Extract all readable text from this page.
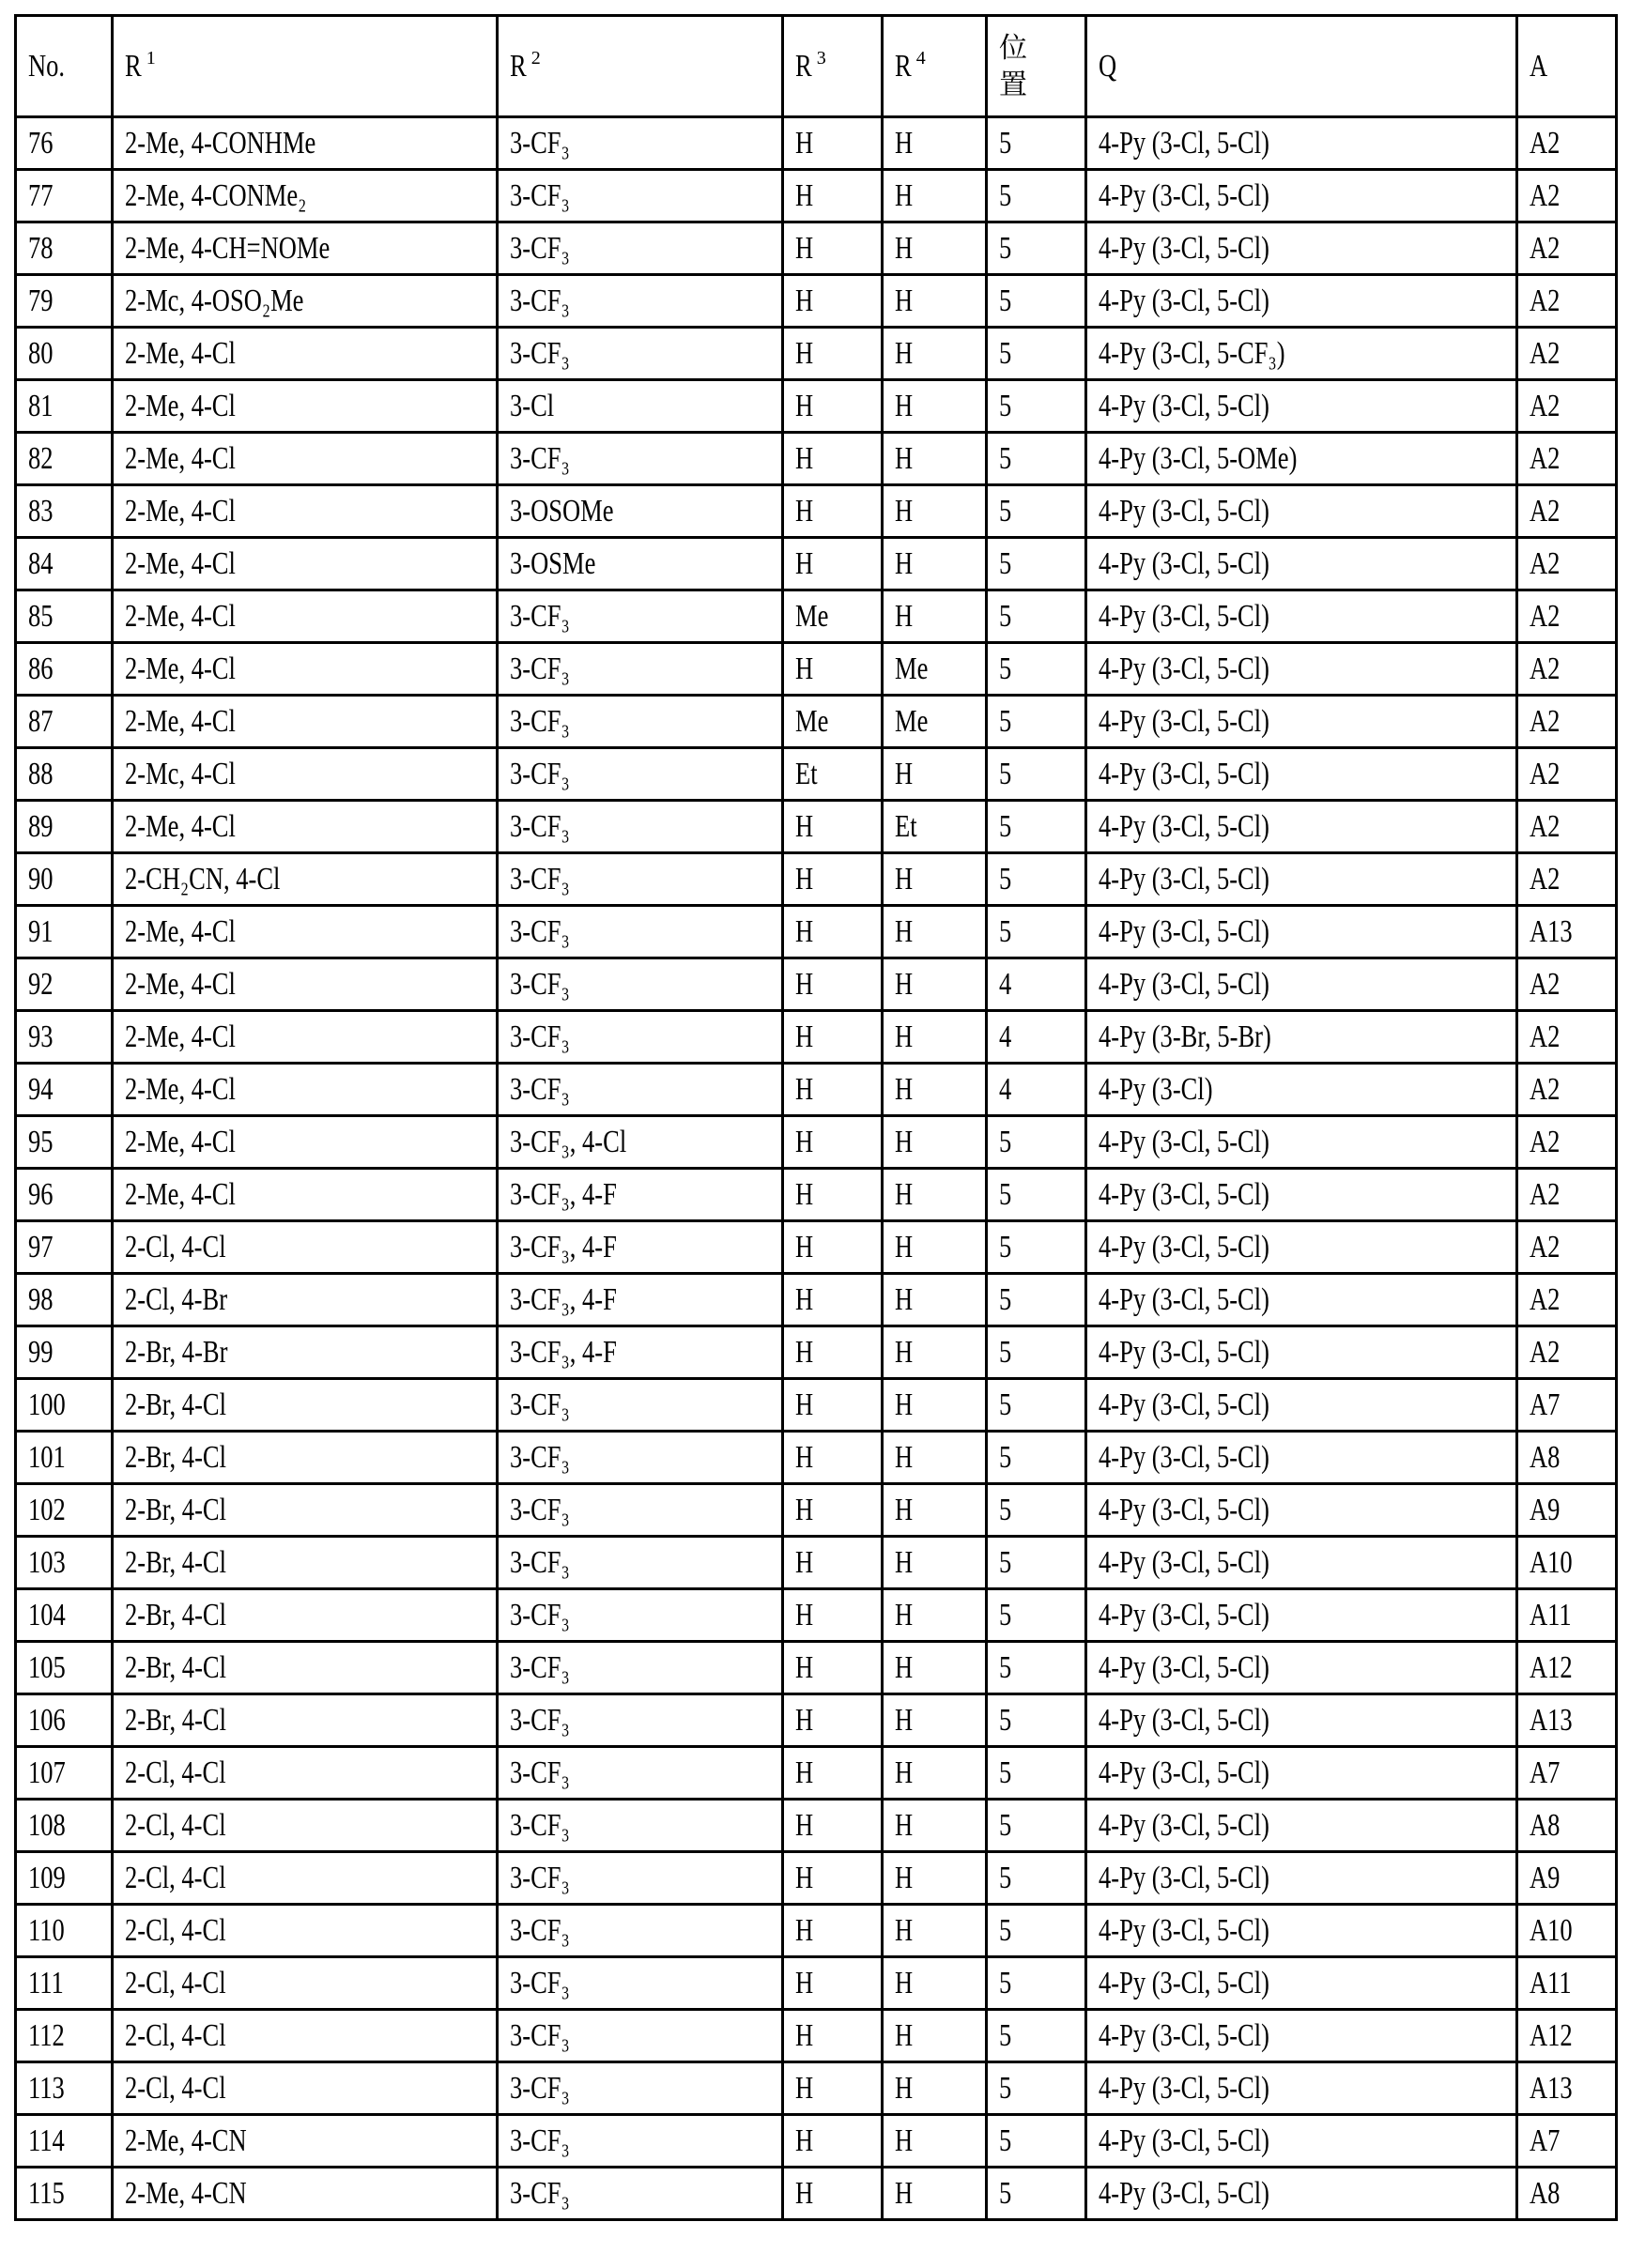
No.	R 1	R 2	R 3	R 4	位
置	Q	A
76	2-Me, 4-CONHMe	3-CF₃	H	H	5	4-Py (3-Cl, 5-Cl)	A2
77	2-Me, 4-CONMe₂	3-CF₃	H	H	5	4-Py (3-Cl, 5-Cl)	A2
78	2-Me, 4-CH=NOMe	3-CF₃	H	H	5	4-Py (3-Cl, 5-Cl)	A2
79	2-Mc, 4-OSO₂Me	3-CF₃	H	H	5	4-Py (3-Cl, 5-Cl)	A2
80	2-Me, 4-Cl	3-CF₃	H	H	5	4-Py (3-Cl, 5-CF₃)	A2
81	2-Me, 4-Cl	3-Cl	H	H	5	4-Py (3-Cl, 5-Cl)	A2
82	2-Me, 4-Cl	3-CF₃	H	H	5	4-Py (3-Cl, 5-OMe)	A2
83	2-Me, 4-Cl	3-OSOMe	H	H	5	4-Py (3-Cl, 5-Cl)	A2
84	2-Me, 4-Cl	3-OSMe	H	H	5	4-Py (3-Cl, 5-Cl)	A2
85	2-Me, 4-Cl	3-CF₃	Me	H	5	4-Py (3-Cl, 5-Cl)	A2
86	2-Me, 4-Cl	3-CF₃	H	Me	5	4-Py (3-Cl, 5-Cl)	A2
87	2-Me, 4-Cl	3-CF₃	Me	Me	5	4-Py (3-Cl, 5-Cl)	A2
88	2-Mc, 4-Cl	3-CF₃	Et	H	5	4-Py (3-Cl, 5-Cl)	A2
89	2-Me, 4-Cl	3-CF₃	H	Et	5	4-Py (3-Cl, 5-Cl)	A2
90	2-CH₂CN, 4-Cl	3-CF₃	H	H	5	4-Py (3-Cl, 5-Cl)	A2
91	2-Me, 4-Cl	3-CF₃	H	H	5	4-Py (3-Cl, 5-Cl)	A13
92	2-Me, 4-Cl	3-CF₃	H	H	4	4-Py (3-Cl, 5-Cl)	A2
93	2-Me, 4-Cl	3-CF₃	H	H	4	4-Py (3-Br, 5-Br)	A2
94	2-Me, 4-Cl	3-CF₃	H	H	4	4-Py (3-Cl)	A2
95	2-Me, 4-Cl	3-CF₃, 4-Cl	H	H	5	4-Py (3-Cl, 5-Cl)	A2
96	2-Me, 4-Cl	3-CF₃, 4-F	H	H	5	4-Py (3-Cl, 5-Cl)	A2
97	2-Cl, 4-Cl	3-CF₃, 4-F	H	H	5	4-Py (3-Cl, 5-Cl)	A2
98	2-Cl, 4-Br	3-CF₃, 4-F	H	H	5	4-Py (3-Cl, 5-Cl)	A2
99	2-Br, 4-Br	3-CF₃, 4-F	H	H	5	4-Py (3-Cl, 5-Cl)	A2
100	2-Br, 4-Cl	3-CF₃	H	H	5	4-Py (3-Cl, 5-Cl)	A7
101	2-Br, 4-Cl	3-CF₃	H	H	5	4-Py (3-Cl, 5-Cl)	A8
102	2-Br, 4-Cl	3-CF₃	H	H	5	4-Py (3-Cl, 5-Cl)	A9
103	2-Br, 4-Cl	3-CF₃	H	H	5	4-Py (3-Cl, 5-Cl)	A10
104	2-Br, 4-Cl	3-CF₃	H	H	5	4-Py (3-Cl, 5-Cl)	A11
105	2-Br, 4-Cl	3-CF₃	H	H	5	4-Py (3-Cl, 5-Cl)	A12
106	2-Br, 4-Cl	3-CF₃	H	H	5	4-Py (3-Cl, 5-Cl)	A13
107	2-Cl, 4-Cl	3-CF₃	H	H	5	4-Py (3-Cl, 5-Cl)	A7
108	2-Cl, 4-Cl	3-CF₃	H	H	5	4-Py (3-Cl, 5-Cl)	A8
109	2-Cl, 4-Cl	3-CF₃	H	H	5	4-Py (3-Cl, 5-Cl)	A9
110	2-Cl, 4-Cl	3-CF₃	H	H	5	4-Py (3-Cl, 5-Cl)	A10
111	2-Cl, 4-Cl	3-CF₃	H	H	5	4-Py (3-Cl, 5-Cl)	A11
112	2-Cl, 4-Cl	3-CF₃	H	H	5	4-Py (3-Cl, 5-Cl)	A12
113	2-Cl, 4-Cl	3-CF₃	H	H	5	4-Py (3-Cl, 5-Cl)	A13
114	2-Me, 4-CN	3-CF₃	H	H	5	4-Py (3-Cl, 5-Cl)	A7
115	2-Me, 4-CN	3-CF₃	H	H	5	4-Py (3-Cl, 5-Cl)	A8
